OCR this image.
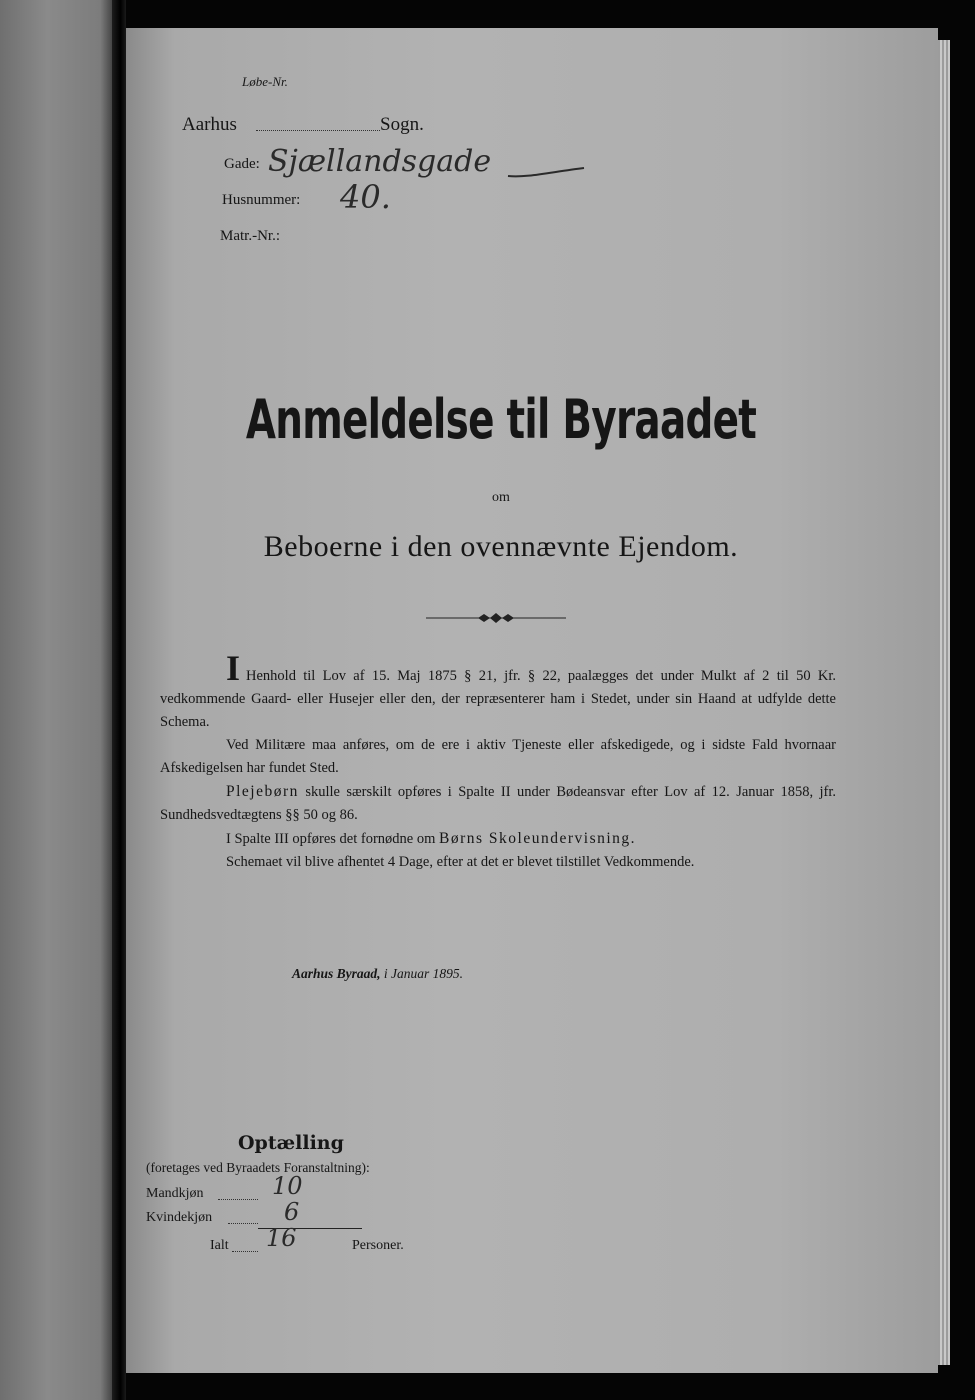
Løbe-Nr.
Aarhus	Sogn.
Gade: Sjællandsgade
Husnummer: 40.
Matr.-Nr.:
Anmeldelse til Byraadet
om
Beboerne i den ovennævnte Ejendom.

I Henhold til Lov af 15. Maj 1875 § 21, jfr. § 22, paalægges det under Mulkt af 2 til 50 Kr. vedkommende Gaard- eller Husejer eller den, der repræsenterer ham i Stedet, under sin Haand at udfylde dette Schema.

Ved Militære maa anføres, om de ere i aktiv Tjeneste eller afskedigede, og i sidste Fald hvornaar Afskedigelsen har fundet Sted.

Plejebørn skulle særskilt opføres i Spalte II under Bødeansvar efter Lov af 12. Januar 1858, jfr. Sundhedsvedtægtens §§ 50 og 86.

I Spalte III opføres det fornødne om Børns Skoleundervisning.

Schemaet vil blive afhentet 4 Dage, efter at det er blevet tilstillet Vedkommende.

Aarhus Byraad, i Januar 1895.
Optælling
(foretages ved Byraadets Foranstaltning):
Mandkjøn	10
Kvindekjøn	6
Ialt 16	Personer.
